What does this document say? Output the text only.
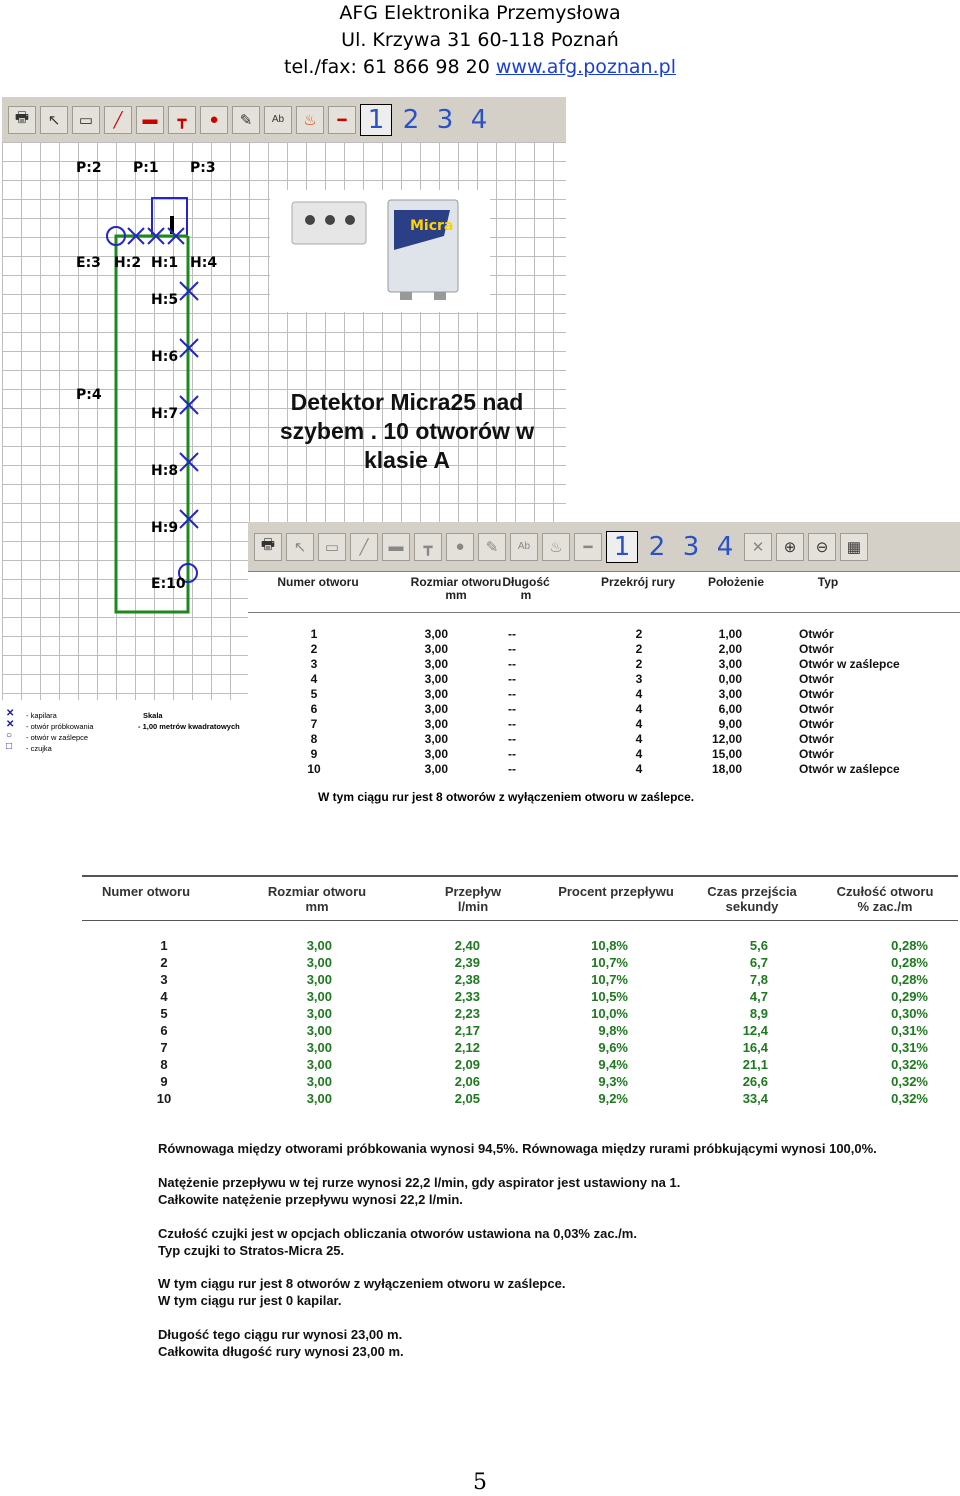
AFG Elektronika Przemysłowa
Ul. Krzywa 31 60-118 Poznań
tel./fax: 61 866 98 20 www.afg.poznan.pl
🖶	↖	▭	╱	▬	┳	●	✎	Ab	♨	━ 1 2 3 4
P:2 P:1 P:3
E:3 H:2 H:1 H:4
H:5
H:6
P:4
H:7
H:8
H:9
E:10
Micra
Detektor Micra25 nad
szybem . 10 otworów w
klasie A
✕
✕
○
□
- kapilara
- otwór próbkowania
- otwór w zaślepce
- czujka
Skala
- 1,00 metrów kwadratowych
🖶	↖	▭	╱	▬	┳	●	✎	Ab	♨	━ 1 2 3 4	✕	⊕	⊖	▦
Numer otworu	Rozmiar otworu
mm
Długość
m
Przekrój rury	Położenie	Typ
1	3,00	--	2	1,00	Otwór
2	3,00	--	2	2,00	Otwór
3	3,00	--	2	3,00	Otwór w zaślepce
4	3,00	--	3	0,00	Otwór
5	3,00	--	4	3,00	Otwór
6	3,00	--	4	6,00	Otwór
7	3,00	--	4	9,00	Otwór
8	3,00	--	4	12,00	Otwór
9	3,00	--	4	15,00	Otwór
10	3,00	--	4	18,00	Otwór w zaślepce
W tym ciągu rur jest 8 otworów z wyłączeniem otworu w zaślepce.
Numer otworu	Rozmiar otworu
mm
Przepływ
l/min
Procent przepływu	Czas przejścia
sekundy
Czułość otworu
% zac./m
1	3,00	2,40	10,8%	5,6	0,28%
2	3,00	2,39	10,7%	6,7	0,28%
3	3,00	2,38	10,7%	7,8	0,28%
4	3,00	2,33	10,5%	4,7	0,29%
5	3,00	2,23	10,0%	8,9	0,30%
6	3,00	2,17	9,8%	12,4	0,31%
7	3,00	2,12	9,6%	16,4	0,31%
8	3,00	2,09	9,4%	21,1	0,32%
9	3,00	2,06	9,3%	26,6	0,32%
10	3,00	2,05	9,2%	33,4	0,32%
Równowaga między otworami próbkowania wynosi 94,5%. Równowaga między rurami próbkującymi wynosi 100,0%.
Natężenie przepływu w tej rurze wynosi 22,2 l/min, gdy aspirator jest ustawiony na 1.
Całkowite natężenie przepływu wynosi 22,2 l/min.
Czułość czujki jest w opcjach obliczania otworów ustawiona na 0,03% zac./m.
Typ czujki to Stratos-Micra 25.
W tym ciągu rur jest 8 otworów z wyłączeniem otworu w zaślepce.
W tym ciągu rur jest 0 kapilar.
Długość tego ciągu rur wynosi 23,00 m.
Całkowita długość rury wynosi 23,00 m.
5
